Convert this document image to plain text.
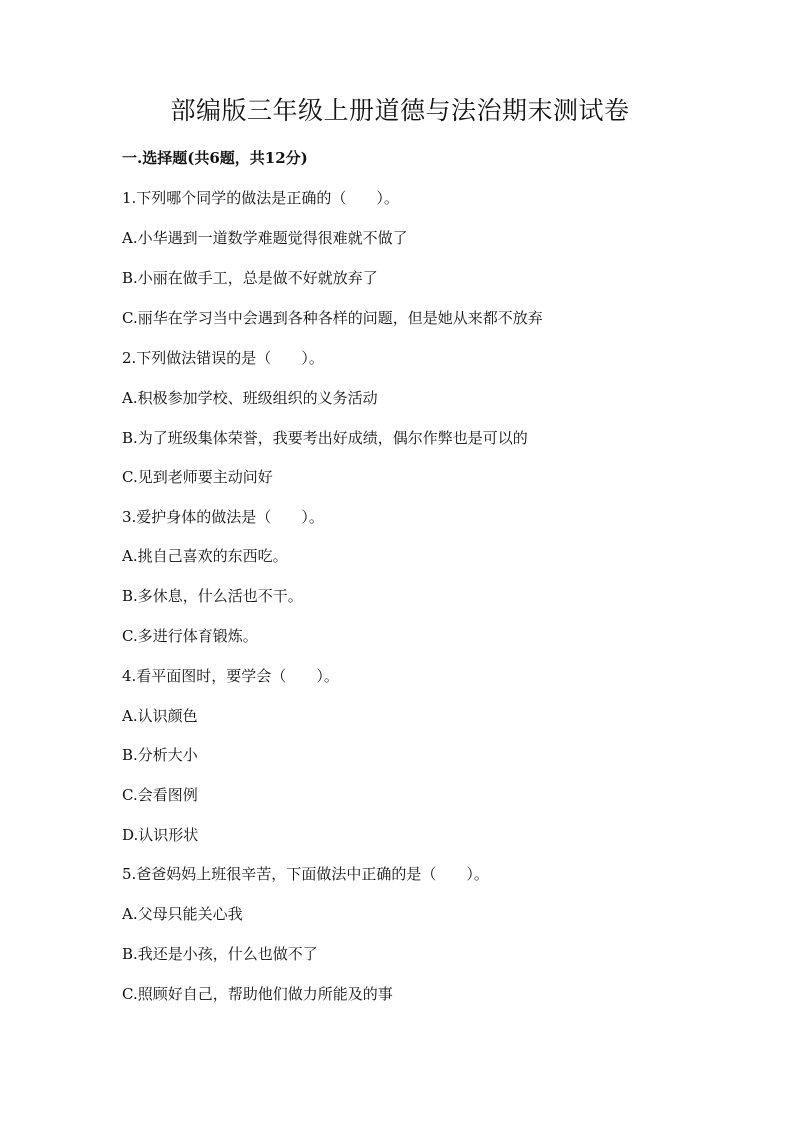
部编版三年级上册道德与法治期末测试卷
一.选择题(共6题，共12分)
1.下列哪个同学的做法是正确的（　　）。
A.小华遇到一道数学难题觉得很难就不做了
B.小丽在做手工，总是做不好就放弃了
C.丽华在学习当中会遇到各种各样的问题，但是她从来都不放弃
2.下列做法错误的是（　　）。
A.积极参加学校、班级组织的义务活动
B.为了班级集体荣誉，我要考出好成绩，偶尔作弊也是可以的
C.见到老师要主动问好
3.爱护身体的做法是（　　）。
A.挑自己喜欢的东西吃。
B.多休息，什么活也不干。
C.多进行体育锻炼。
4.看平面图时，要学会（　　）。
A.认识颜色
B.分析大小
C.会看图例
D.认识形状
5.爸爸妈妈上班很辛苦，下面做法中正确的是（　　）。
A.父母只能关心我
B.我还是小孩，什么也做不了
C.照顾好自己，帮助他们做力所能及的事
